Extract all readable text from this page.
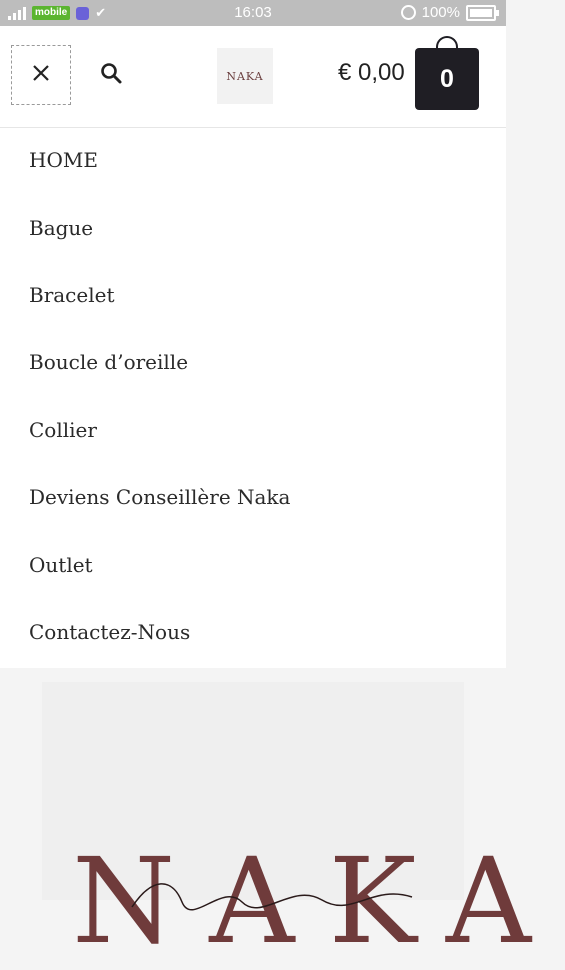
mobile ✔	16:03	100%
NAKA	€ 0,00 0
HOME
Bague
Bracelet
Boucle d’oreille
Collier
Deviens Conseillère Naka
Outlet
Contactez-Nous
NAKA
